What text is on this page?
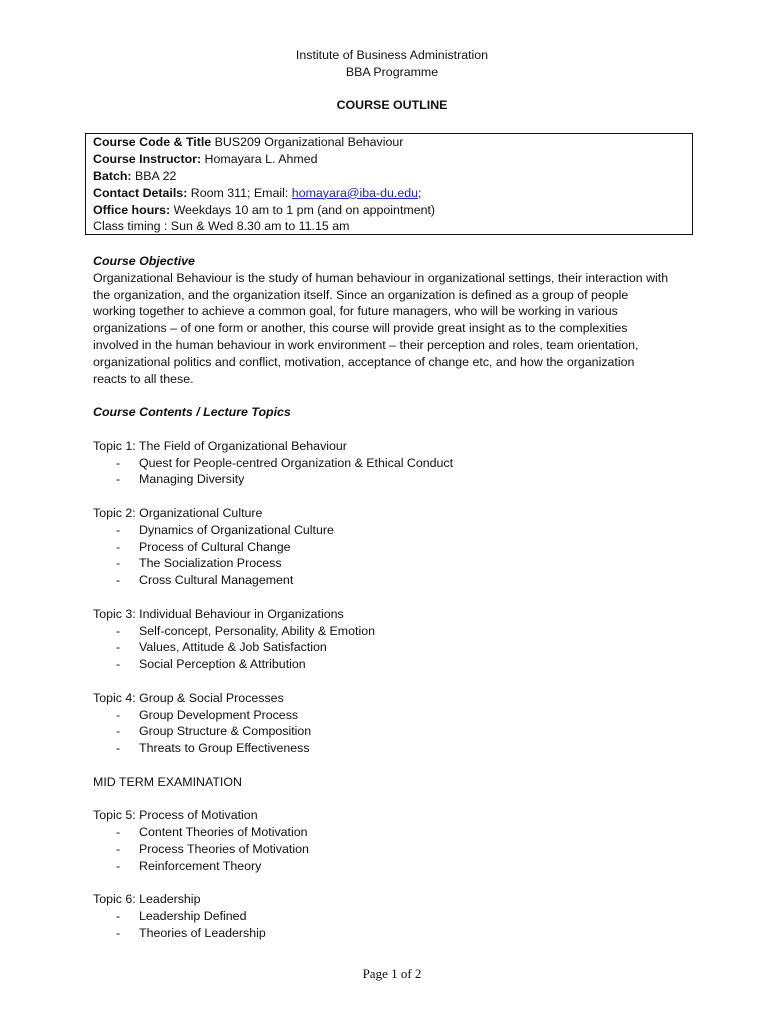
Institute of Business Administration
BBA Programme
COURSE OUTLINE
Course Code & Title BUS209 Organizational Behaviour
Course Instructor: Homayara L. Ahmed
Batch: BBA 22
Contact Details: Room 311; Email: homayara@iba-du.edu;
Office hours: Weekdays 10 am to 1 pm (and on appointment)
Class timing : Sun & Wed 8.30 am to 11.15 am
Course Objective
Organizational Behaviour is the study of human behaviour in organizational settings, their interaction with
the organization, and the organization itself. Since an organization is defined as a group of people
working together to achieve a common goal, for future managers, who will be working in various
organizations – of one form or another, this course will provide great insight as to the complexities
involved in the human behaviour in work environment – their perception and roles, team orientation,
organizational politics and conflict, motivation, acceptance of change etc, and how the organization
reacts to all these.
Course Contents / Lecture Topics
Topic 1: The Field of Organizational Behaviour
- Quest for People-centred Organization & Ethical Conduct
- Managing Diversity
Topic 2: Organizational Culture
- Dynamics of Organizational Culture
- Process of Cultural Change
- The Socialization Process
- Cross Cultural Management
Topic 3: Individual Behaviour in Organizations
- Self-concept, Personality, Ability & Emotion
- Values, Attitude & Job Satisfaction
- Social Perception & Attribution
Topic 4: Group & Social Processes
- Group Development Process
- Group Structure & Composition
- Threats to Group Effectiveness
MID TERM EXAMINATION
Topic 5: Process of Motivation
- Content Theories of Motivation
- Process Theories of Motivation
- Reinforcement Theory
Topic 6: Leadership
- Leadership Defined
- Theories of Leadership
Page 1 of 2
